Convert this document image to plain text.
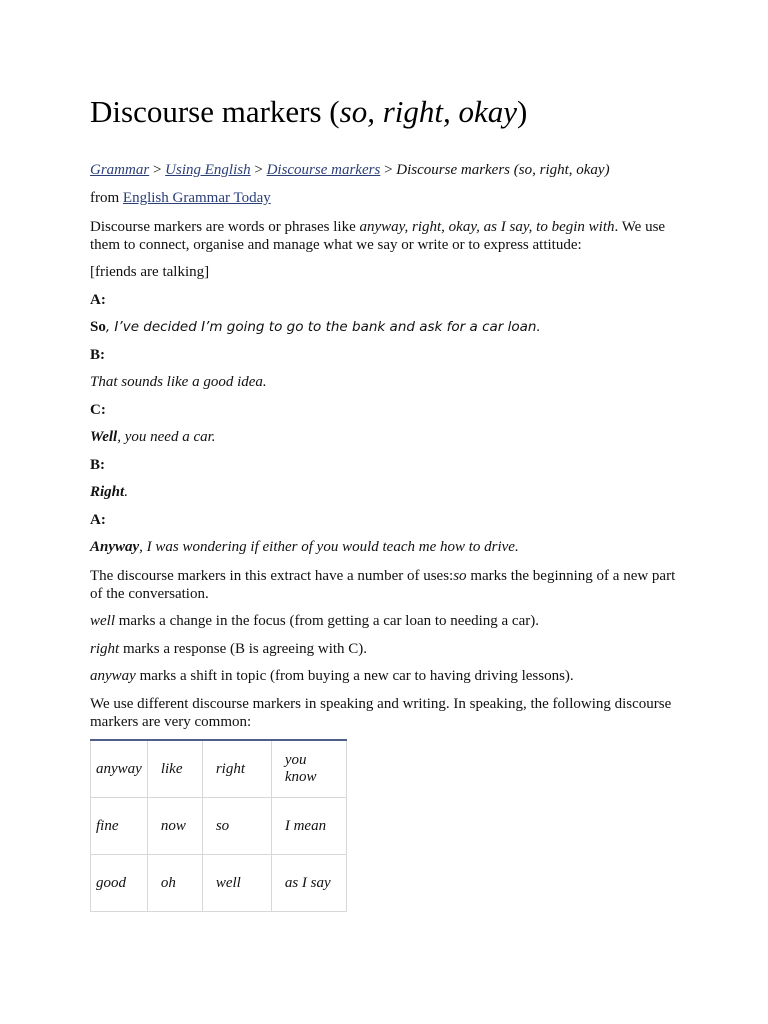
Discourse markers (so, right, okay)

Grammar > Using English > Discourse markers > Discourse markers (so, right, okay)

from English Grammar Today

Discourse markers are words or phrases like anyway, right, okay, as I say, to begin with. We use them to connect, organise and manage what we say or write or to express attitude:

[friends are talking]

A:

So, I’ve decided I’m going to go to the bank and ask for a car loan.

B:

That sounds like a good idea.

C:

Well, you need a car.

B:

Right.

A:

Anyway, I was wondering if either of you would teach me how to drive.

The discourse markers in this extract have a number of uses:so marks the beginning of a new part of the conversation.

well marks a change in the focus (from getting a car loan to needing a car).

right marks a response (B is agreeing with C).

anyway marks a shift in topic (from buying a new car to having driving lessons).

We use different discourse markers in speaking and writing. In speaking, the following discourse markers are very common:

anyway	like	right	you know
fine	now	so	I mean
good	oh	well	as I say
